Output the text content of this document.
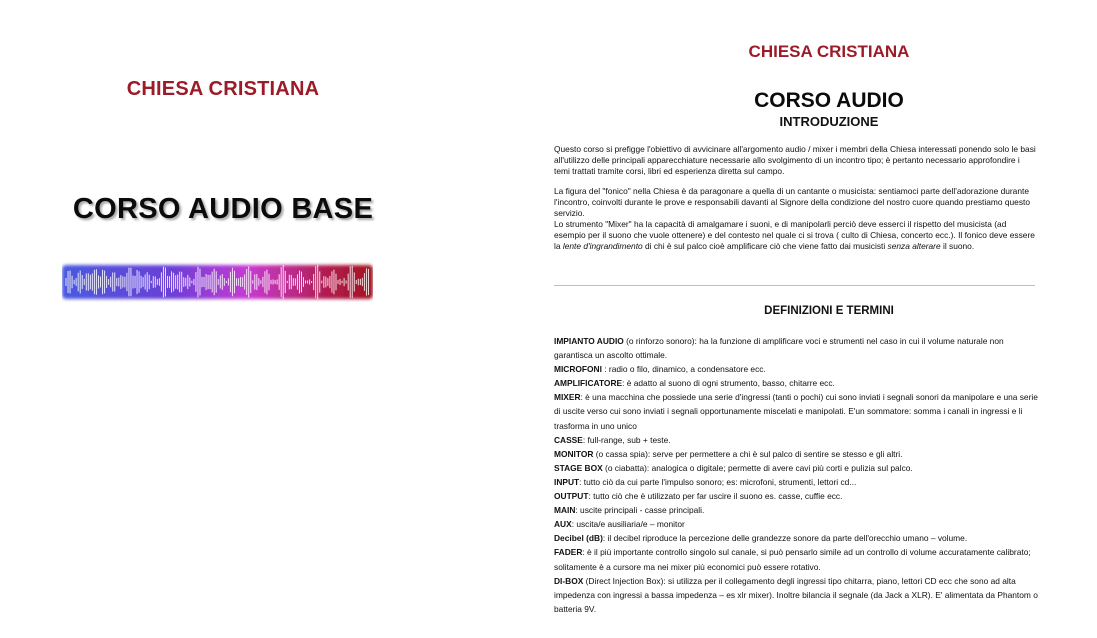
CHIESA CRISTIANA
CORSO AUDIO BASE
CHIESA CRISTIANA
CORSO AUDIO
INTRODUZIONE
Questo corso si prefigge l'obiettivo di avvicinare all'argomento audio / mixer i membri della Chiesa interessati ponendo solo le basi all'utilizzo delle principali apparecchiature necessarie allo svolgimento di un incontro tipo; è pertanto necessario approfondire i temi trattati tramite corsi, libri ed esperienza diretta sul campo.
La figura del "fonico" nella Chiesa è da paragonare a quella di un cantante o musicista: sentiamoci parte dell'adorazione durante l'incontro, coinvolti durante le prove e responsabili davanti al Signore della condizione del nostro cuore quando prestiamo questo servizio.
Lo strumento "Mixer" ha la capacità di amalgamare i suoni, e di manipolarli perciò deve esserci il rispetto del musicista (ad esempio per il suono che vuole ottenere) e del contesto nel quale ci si trova ( culto di Chiesa, concerto ecc.). Il fonico deve essere la lente d'ingrandimento di chi è sul palco cioè amplificare ciò che viene fatto dai musicisti senza alterare il suono.
DEFINIZIONI E TERMINI
IMPIANTO AUDIO (o rinforzo sonoro): ha la funzione di amplificare voci e strumenti nel caso in cui il volume naturale non garantisca un ascolto ottimale.
MICROFONI : radio o filo, dinamico, a condensatore ecc.
AMPLIFICATORE: è adatto al suono di ogni strumento, basso, chitarre ecc.
MIXER: è una macchina che possiede una serie d'ingressi (tanti o pochi) cui sono inviati i segnali sonori da manipolare e una serie di uscite verso cui sono inviati i segnali opportunamente miscelati e manipolati. E'un sommatore: somma i canali in ingressi e li trasforma in uno unico
CASSE: full-range, sub + teste.
MONITOR (o cassa spia): serve per permettere a chi è sul palco di sentire se stesso e gli altri.
STAGE BOX (o ciabatta): analogica o digitale; permette di avere cavi più corti e pulizia sul palco.
INPUT: tutto ciò da cui parte l'impulso sonoro; es: microfoni, strumenti, lettori cd...
OUTPUT: tutto ciò che è utilizzato per far uscire il suono es. casse, cuffie ecc.
MAIN: uscite principali - casse principali.
AUX: uscita/e ausiliaria/e – monitor
Decibel (dB): il decibel riproduce la percezione delle grandezze sonore da parte dell'orecchio umano – volume.
FADER: è il più importante controllo singolo sul canale, si può pensarlo simile ad un controllo di volume accuratamente calibrato; solitamente è a cursore ma nei mixer più economici può essere rotativo.
DI-BOX (Direct Injection Box): si utilizza per il collegamento degli ingressi tipo chitarra, piano, lettori CD ecc che sono ad alta impedenza con ingressi a bassa impedenza – es xlr mixer). Inoltre bilancia il segnale (da Jack a XLR). E' alimentata da Phantom o batteria 9V.
